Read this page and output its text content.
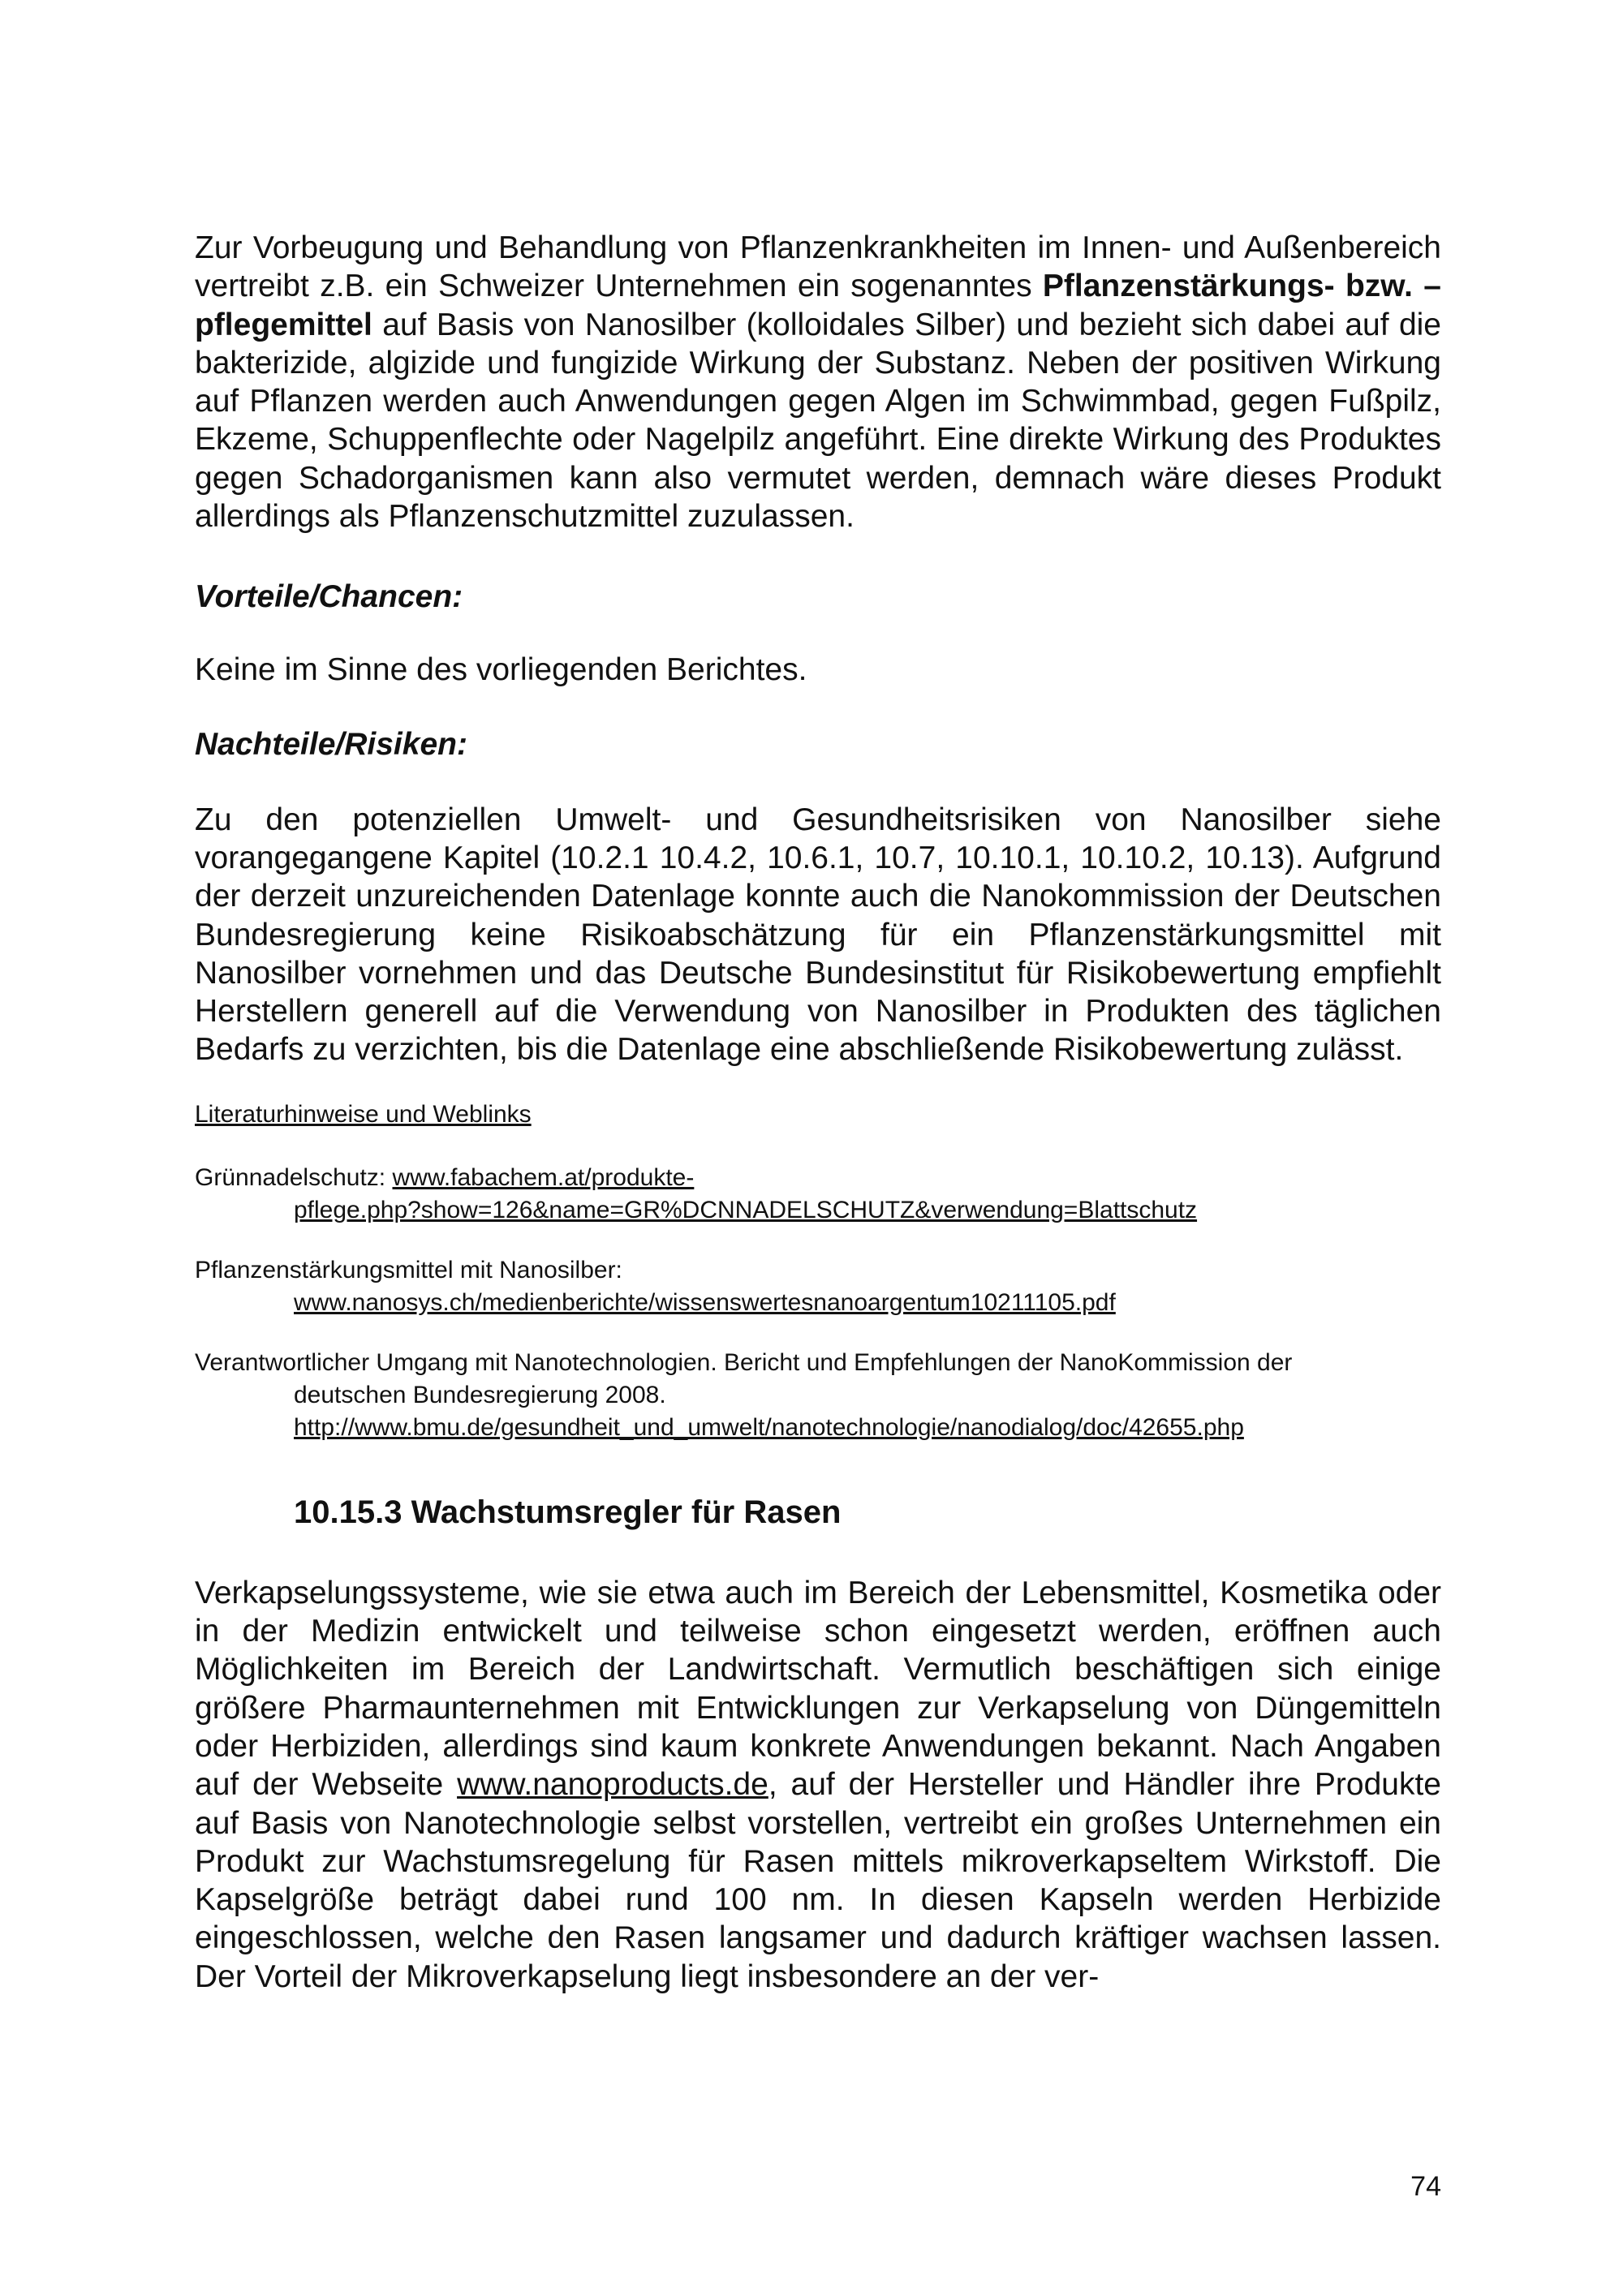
Zur Vorbeugung und Behandlung von Pflanzenkrankheiten im Innen- und Außenbereich vertreibt z.B. ein Schweizer Unternehmen ein sogenanntes Pflanzenstärkungs- bzw. –pflegemittel auf Basis von Nanosilber (kolloidales Silber) und bezieht sich dabei auf die bakterizide, algizide und fungizide Wirkung der Substanz. Neben der positiven Wirkung auf Pflanzen werden auch Anwendungen gegen Algen im Schwimmbad, gegen Fußpilz, Ekzeme, Schuppenflechte oder Nagelpilz angeführt. Eine direkte Wirkung des Produktes gegen Schadorganismen kann also vermutet werden, demnach wäre dieses Produkt allerdings als Pflanzenschutzmittel zuzulassen.

Vorteile/Chancen:

Keine im Sinne des vorliegenden Berichtes.

Nachteile/Risiken:

Zu den potenziellen Umwelt- und Gesundheitsrisiken von Nanosilber siehe vorangegangene Kapitel (10.2.1 10.4.2, 10.6.1, 10.7, 10.10.1, 10.10.2, 10.13). Aufgrund der derzeit unzureichenden Datenlage konnte auch die Nanokommission der Deutschen Bundesregierung keine Risikoabschätzung für ein Pflanzenstärkungsmittel mit Nanosilber vornehmen und das Deutsche Bundesinstitut für Risikobewertung empfiehlt Herstellern generell auf die Verwendung von Nanosilber in Produkten des täglichen Bedarfs zu verzichten, bis die Datenlage eine abschließende Risikobewertung zulässt.

Literaturhinweise und Weblinks

Grünnadelschutz: www.fabachem.at/produkte-
pflege.php?show=126&name=GR%DCNNADELSCHUTZ&verwendung=Blattschutz
Pflanzenstärkungsmittel mit Nanosilber:
www.nanosys.ch/medienberichte/wissenswertesnanoargentum10211105.pdf
Verantwortlicher Umgang mit Nanotechnologien. Bericht und Empfehlungen der NanoKommission der
deutschen Bundesregierung 2008.
http://www.bmu.de/gesundheit_und_umwelt/nanotechnologie/nanodialog/doc/42655.php

10.15.3 Wachstumsregler für Rasen

Verkapselungssysteme, wie sie etwa auch im Bereich der Lebensmittel, Kosmetika oder in der Medizin entwickelt und teilweise schon eingesetzt werden, eröffnen auch Möglichkeiten im Bereich der Landwirtschaft. Vermutlich beschäftigen sich einige größere Pharmaunternehmen mit Entwicklungen zur Verkapselung von Düngemitteln oder Herbiziden, allerdings sind kaum konkrete Anwendungen bekannt. Nach Angaben auf der Webseite www.nanoproducts.de, auf der Hersteller und Händler ihre Produkte auf Basis von Nanotechnologie selbst vorstellen, vertreibt ein großes Unternehmen ein Produkt zur Wachstumsregelung für Rasen mittels mikroverkapseltem Wirkstoff. Die Kapselgröße beträgt dabei rund 100 nm. In diesen Kapseln werden Herbizide eingeschlossen, welche den Rasen langsamer und dadurch kräftiger wachsen lassen. Der Vorteil der Mikroverkapselung liegt insbesondere an der ver-

74
